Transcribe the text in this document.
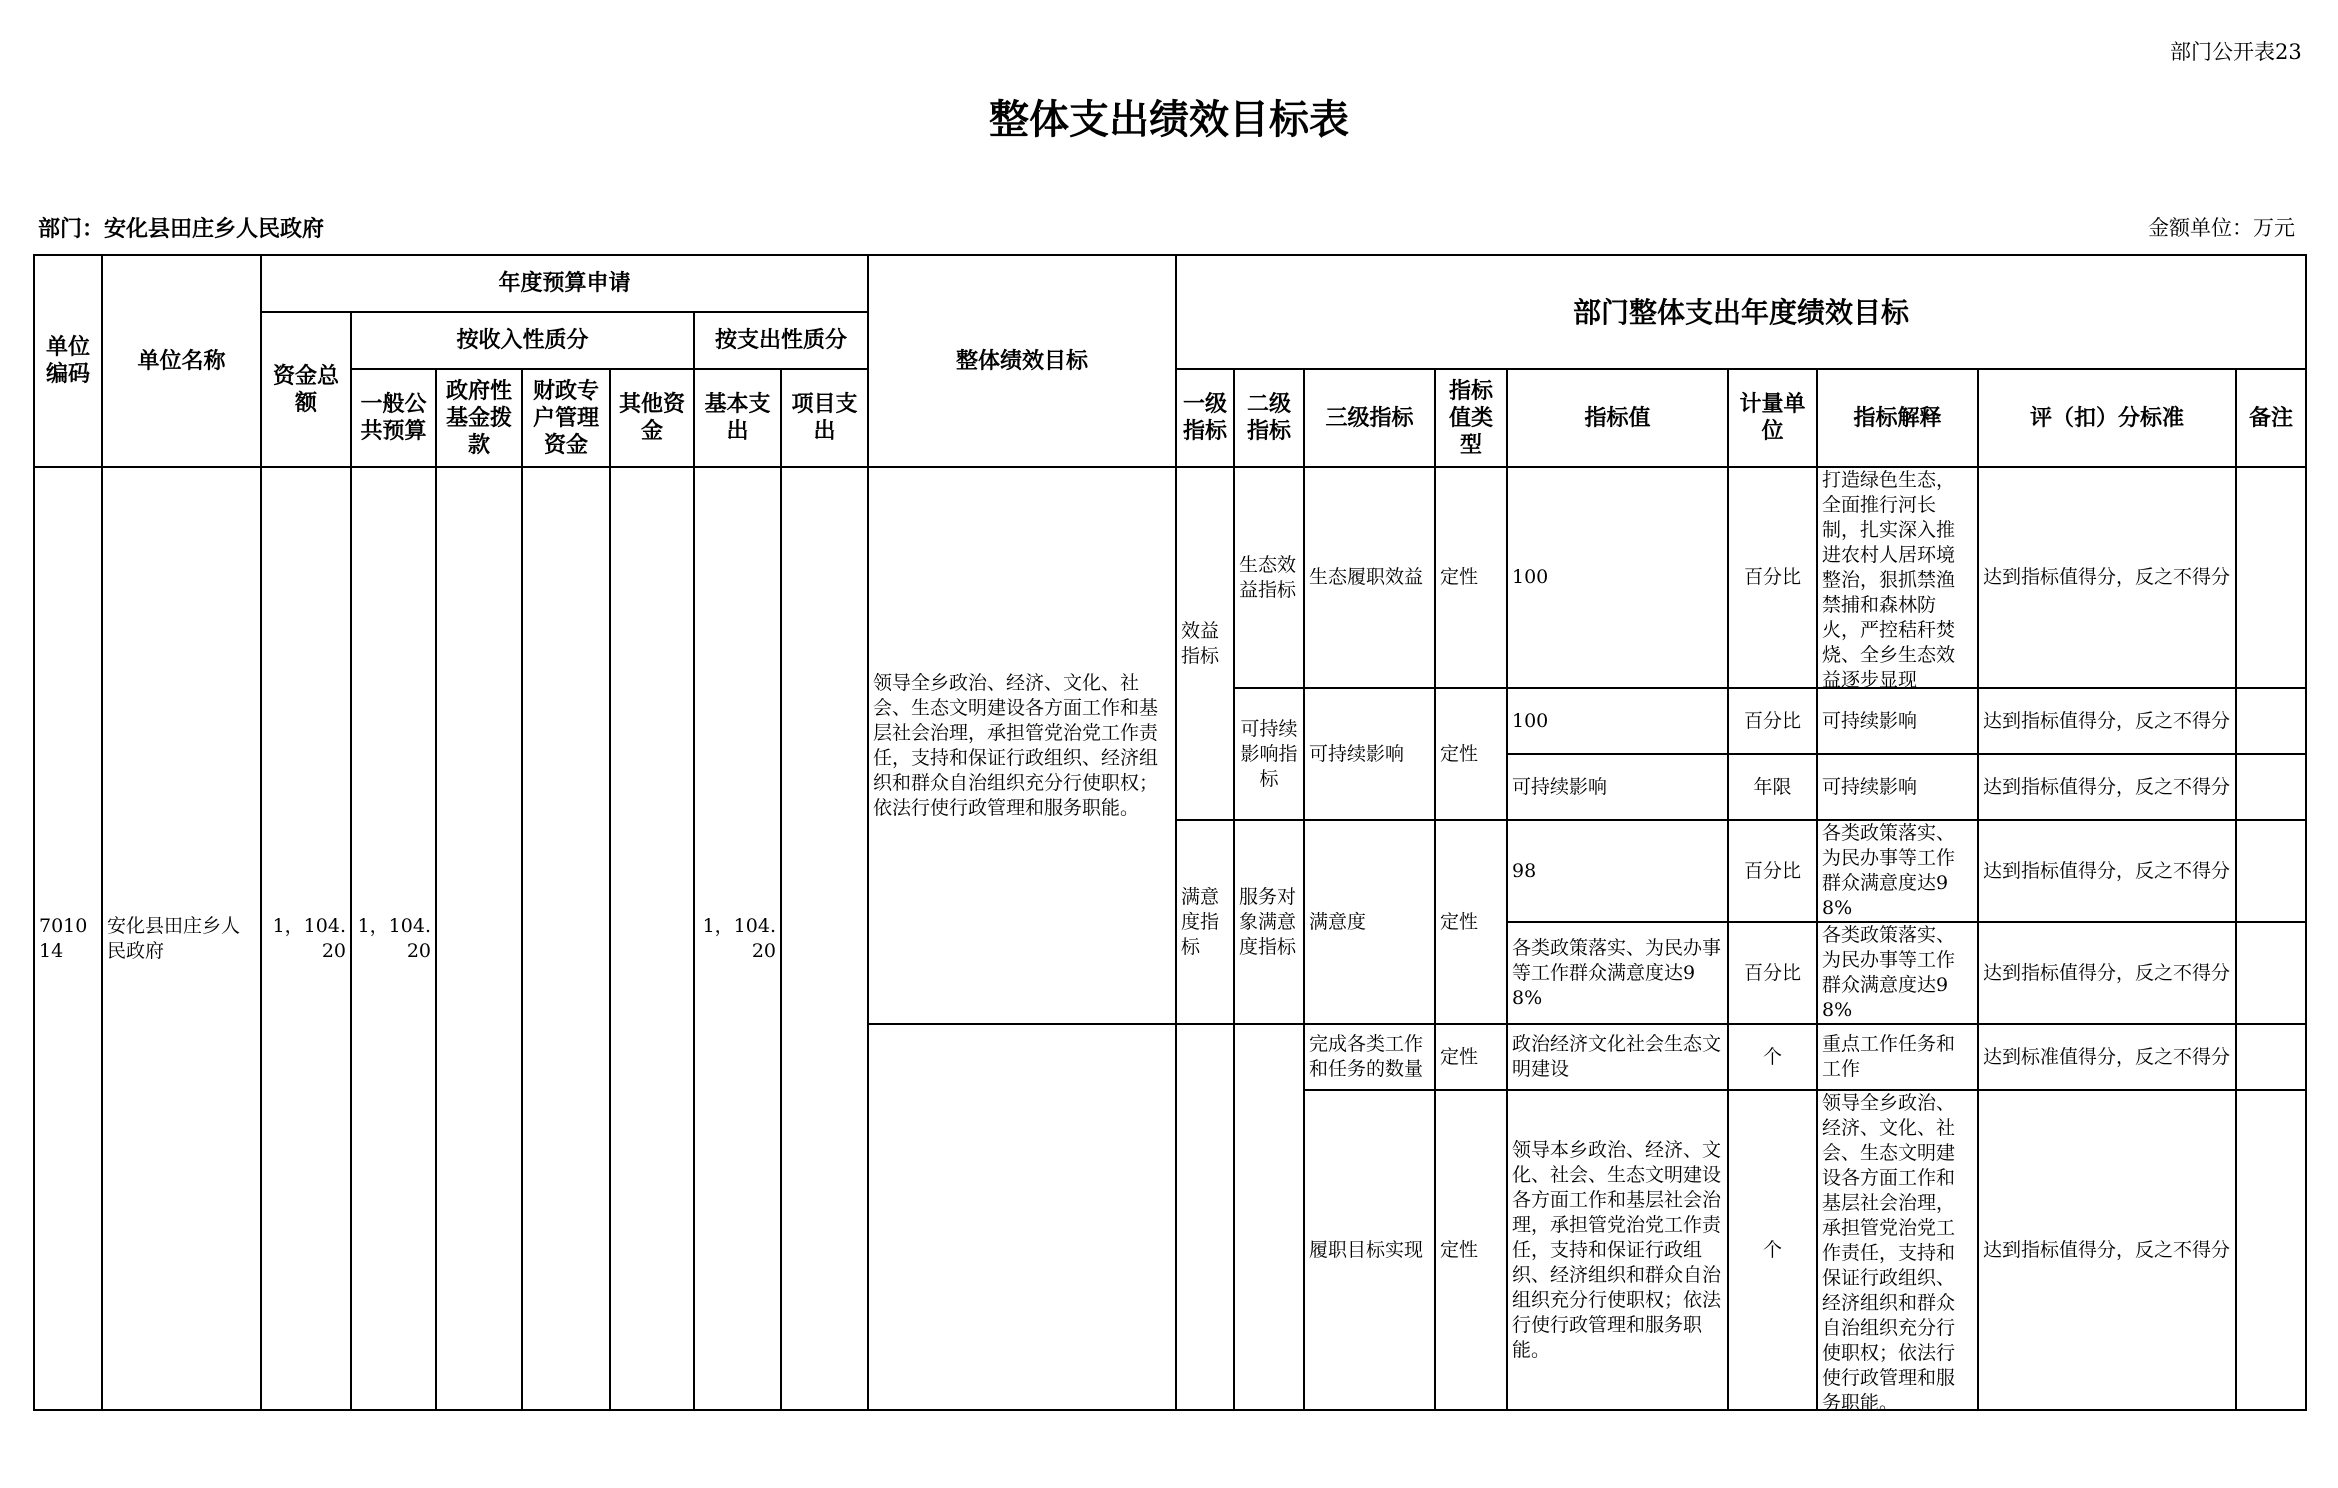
部门公开表23
整体支出绩效目标表
部门：安化县田庄乡人民政府	金额单位：万元
单位编码	单位名称	年度预算申请							整体绩效目标	部门整体支出年度绩效目标								
		资金总额	按收入性质分				按支出性质分											
			一般公共预算	政府性基金拨款	财政专户管理资金	其他资金	基本支出	项目支出		一级指标	二级指标	三级指标	指标值类型	指标值	计量单位	指标解释	评（扣）分标准	备注
701014	安化县田庄乡人民政府	1，104.20	1，104.20				1，104.20		领导全乡政治、经济、文化、社会、生态文明建设各方面工作和基层社会治理，承担管党治党工作责任，支持和保证行政组织、经济组织和群众自治组织充分行使职权；依法行使行政管理和服务职能。	效益指标	生态效益指标	生态履职效益	定性	100	百分比	打造绿色生态，全面推行河长制，扎实深入推进农村人居环境整治，狠抓禁渔禁捕和森林防火，严控秸秆焚烧、全乡生态效益逐步显现	达到指标值得分，反之不得分	
											可持续影响指标	可持续影响	定性	100	百分比	可持续影响	达到指标值得分，反之不得分	
														可持续影响	年限	可持续影响	达到指标值得分，反之不得分	
										满意度指标	服务对象满意度指标	满意度	定性	98	百分比	各类政策落实、为民办事等工作群众满意度达98%	达到指标值得分，反之不得分	
														各类政策落实、为民办事等工作群众满意度达98%	百分比	各类政策落实、为民办事等工作群众满意度达98%	达到指标值得分，反之不得分	
												完成各类工作和任务的数量	定性	政治经济文化社会生态文明建设	个	重点工作任务和工作	达到标准值得分，反之不得分	
												履职目标实现	定性	领导本乡政治、经济、文化、社会、生态文明建设各方面工作和基层社会治理，承担管党治党工作责任，支持和保证行政组织、经济组织和群众自治组织充分行使职权；依法行使行政管理和服务职能。	个	领导全乡政治、经济、文化、社会、生态文明建设各方面工作和基层社会治理，承担管党治党工作责任，支持和保证行政组织、经济组织和群众自治组织充分行使职权；依法行使行政管理和服务职能。	达到指标值得分，反之不得分	
